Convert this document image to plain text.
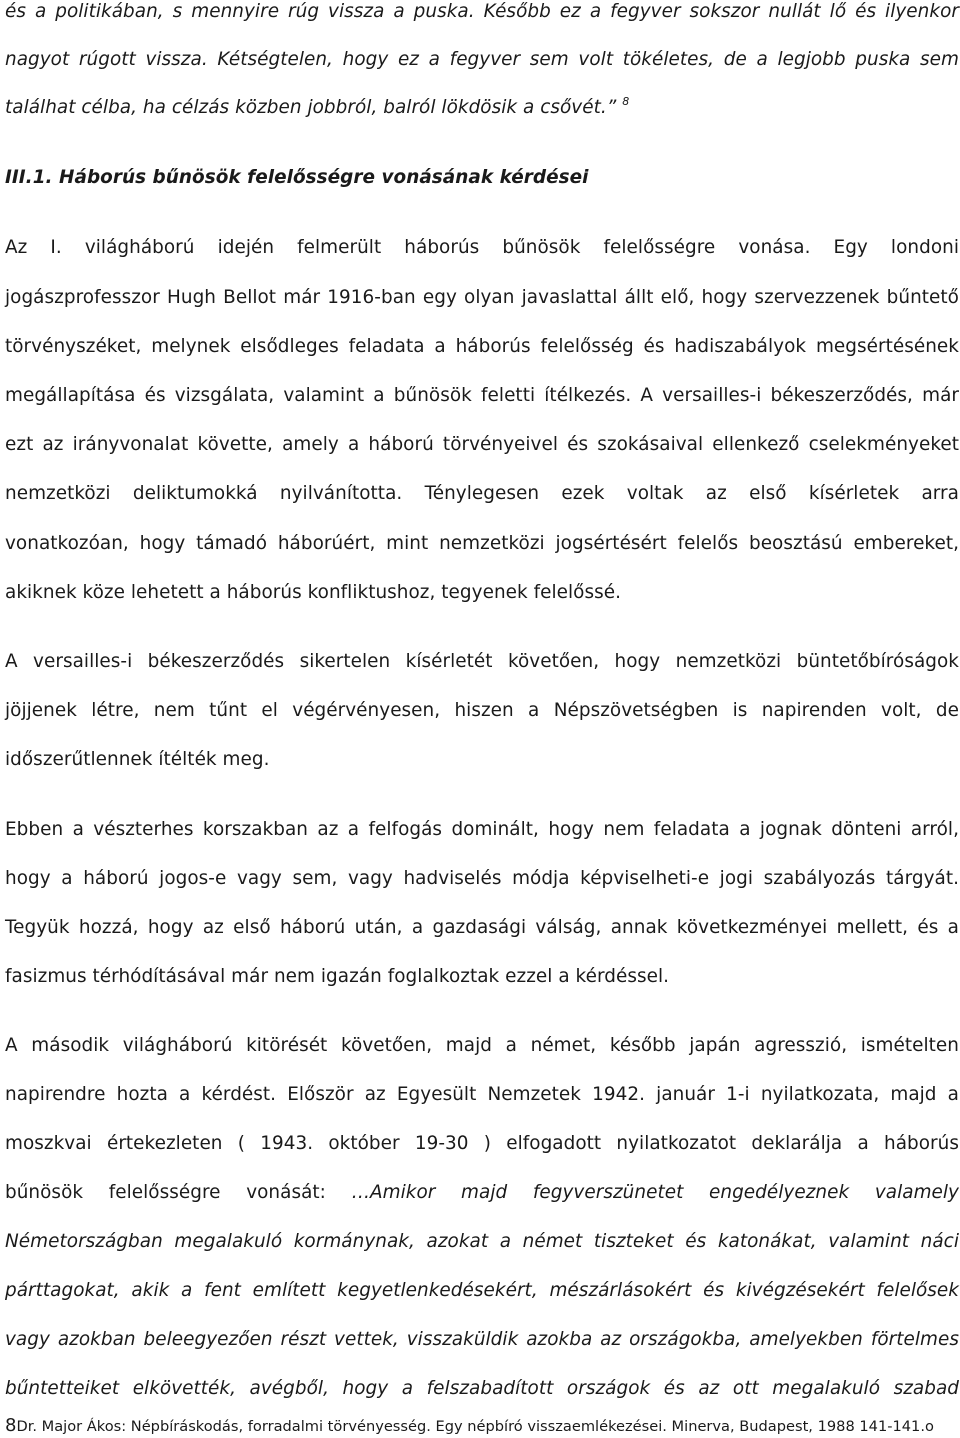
és a politikában, s mennyire rúg vissza a puska. Később ez a fegyver sokszor nullát lő és ilyenkor
nagyot rúgott vissza. Kétségtelen, hogy ez a fegyver sem volt tökéletes, de a legjobb puska sem
találhat célba, ha célzás közben jobbról, balról lökdösik a csővét.” $^8$
III.1. Háborús bűnösök felelősségre vonásának kérdései
Az I. világháború idején felmerült háborús bűnösök felelősségre vonása. Egy londoni
jogászprofesszor Hugh Bellot már 1916-ban egy olyan javaslattal állt elő, hogy szervezzenek bűntető
törvényszéket, melynek elsődleges feladata a háborús felelősség és hadiszabályok megsértésének
megállapítása és vizsgálata, valamint a bűnösök feletti ítélkezés. A versailles-i békeszerződés, már
ezt az irányvonalat követte, amely a háború törvényeivel és szokásaival ellenkező cselekményeket
nemzetközi deliktumokká nyilvánította. Ténylegesen ezek voltak az első kísérletek arra
vonatkozóan, hogy támadó háborúért, mint nemzetközi jogsértésért felelős beosztású embereket,
akiknek köze lehetett a háborús konfliktushoz, tegyenek felelőssé.
A versailles-i békeszerződés sikertelen kísérletét követően, hogy nemzetközi büntetőbíróságok
jöjjenek létre, nem tűnt el végérvényesen, hiszen a Népszövetségben is napirenden volt, de
időszerűtlennek ítélték meg.
Ebben a vészterhes korszakban az a felfogás dominált, hogy nem feladata a jognak dönteni arról,
hogy a háború jogos-e vagy sem, vagy hadviselés módja képviselheti-e jogi szabályozás tárgyát.
Tegyük hozzá, hogy az első háború után, a gazdasági válság, annak következményei mellett, és a
fasizmus térhódításával már nem igazán foglalkoztak ezzel a kérdéssel.
A második világháború kitörését követően, majd a német, később japán agresszió, ismételten
napirendre hozta a kérdést. Először az Egyesült Nemzetek 1942. január 1-i nyilatkozata, majd a
moszkvai értekezleten ( 1943. október 19-30 ) elfogadott nyilatkozatot deklarálja a háborús
bűnösök felelősségre vonását: …Amikor majd fegyverszünetet engedélyeznek valamely
Németországban megalakuló kormánynak, azokat a német tiszteket és katonákat, valamint náci
párttagokat, akik a fent említett kegyetlenkedésekért, mészárlásokért és kivégzésekért felelősek
vagy azokban beleegyezően részt vettek, visszaküldik azokba az országokba, amelyekben förtelmes
bűntetteiket elkövették, avégből, hogy a felszabadított országok és az ott megalakuló szabad
8Dr. Major Ákos: Népbíráskodás, forradalmi törvényesség. Egy népbíró visszaemlékezései. Minerva, Budapest, 1988 141-141.o
